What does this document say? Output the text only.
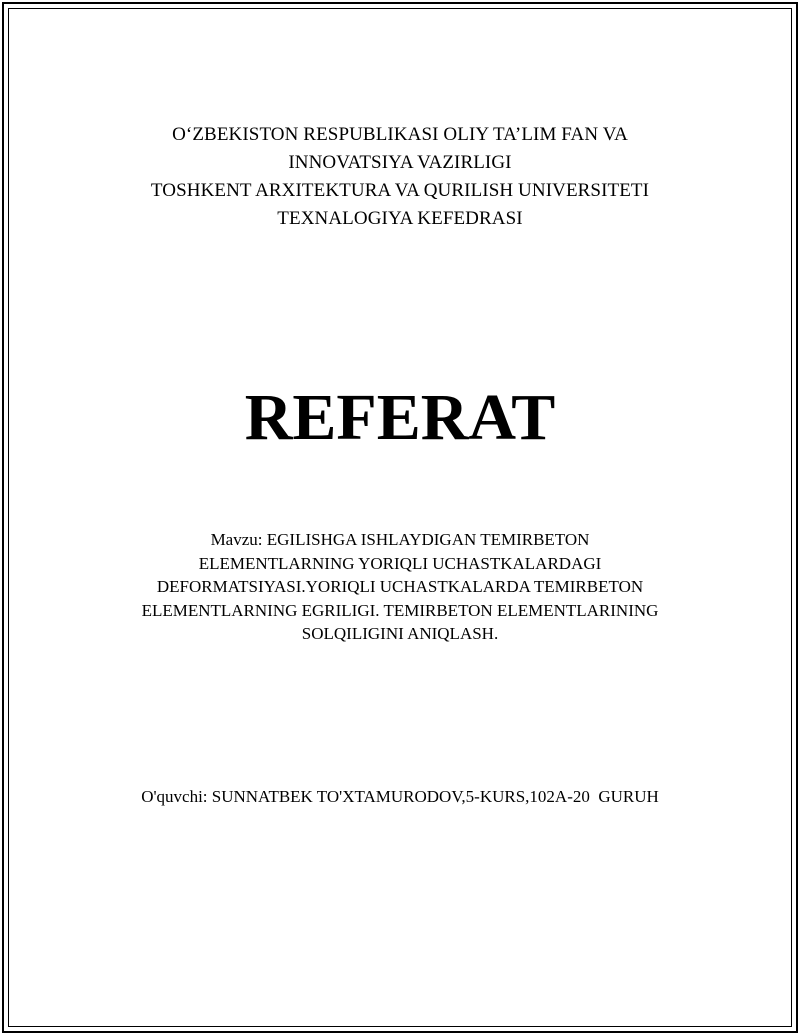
O‘ZBEKISTON RESPUBLIKASI OLIY TA’LIM FAN VA
INNOVATSIYA VAZIRLIGI
TOSHKENT ARXITEKTURA VA QURILISH UNIVERSITETI
TEXNALOGIYA KEFEDRASI
REFERAT
Mavzu: EGILISHGA ISHLAYDIGAN TEMIRBETON
ELEMENTLARNING YORIQLI UCHASTKALARDAGI
DEFORMATSIYASI.YORIQLI UCHASTKALARDA TEMIRBETON
ELEMENTLARNING EGRILIGI. TEMIRBETON ELEMENTLARINING
SOLQILIGINI ANIQLASH.
O'quvchi: SUNNATBEK TO'XTAMURODOV,5-KURS,102A-20  GURUH
